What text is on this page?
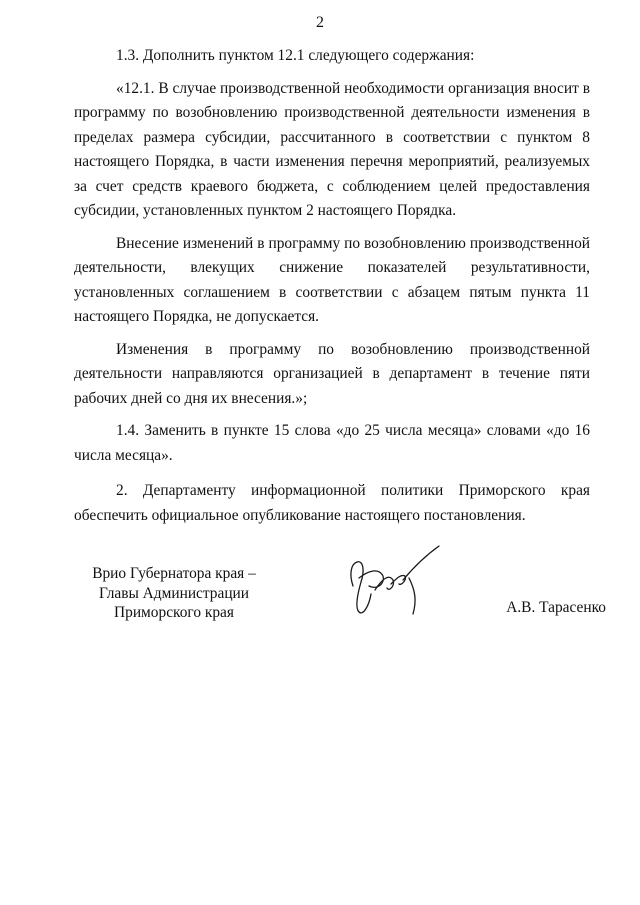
2

1.3. Дополнить пунктом 12.1 следующего содержания:

«12.1. В случае производственной необходимости организация вносит в программу по возобновлению производственной деятельности изменения в пределах размера субсидии, рассчитанного в соответствии с пунктом 8 настоящего Порядка, в части изменения перечня мероприятий, реализуемых за счет средств краевого бюджета, с соблюдением целей предоставления субсидии, установленных пунктом 2 настоящего Порядка.

Внесение изменений в программу по возобновлению производственной деятельности, влекущих снижение показателей результативности, установленных соглашением в соответствии с абзацем пятым пункта 11 настоящего Порядка, не допускается.

Изменения в программу по возобновлению производственной деятельности направляются организацией в департамент в течение пяти рабочих дней со дня их внесения.»;

1.4. Заменить в пункте 15 слова «до 25 числа месяца» словами «до 16 числа месяца».

2. Департаменту информационной политики Приморского края обеспечить официальное опубликование настоящего постановления.

Врио Губернатора края –
Главы Администрации
Приморского края	А.В. Тарасенко
